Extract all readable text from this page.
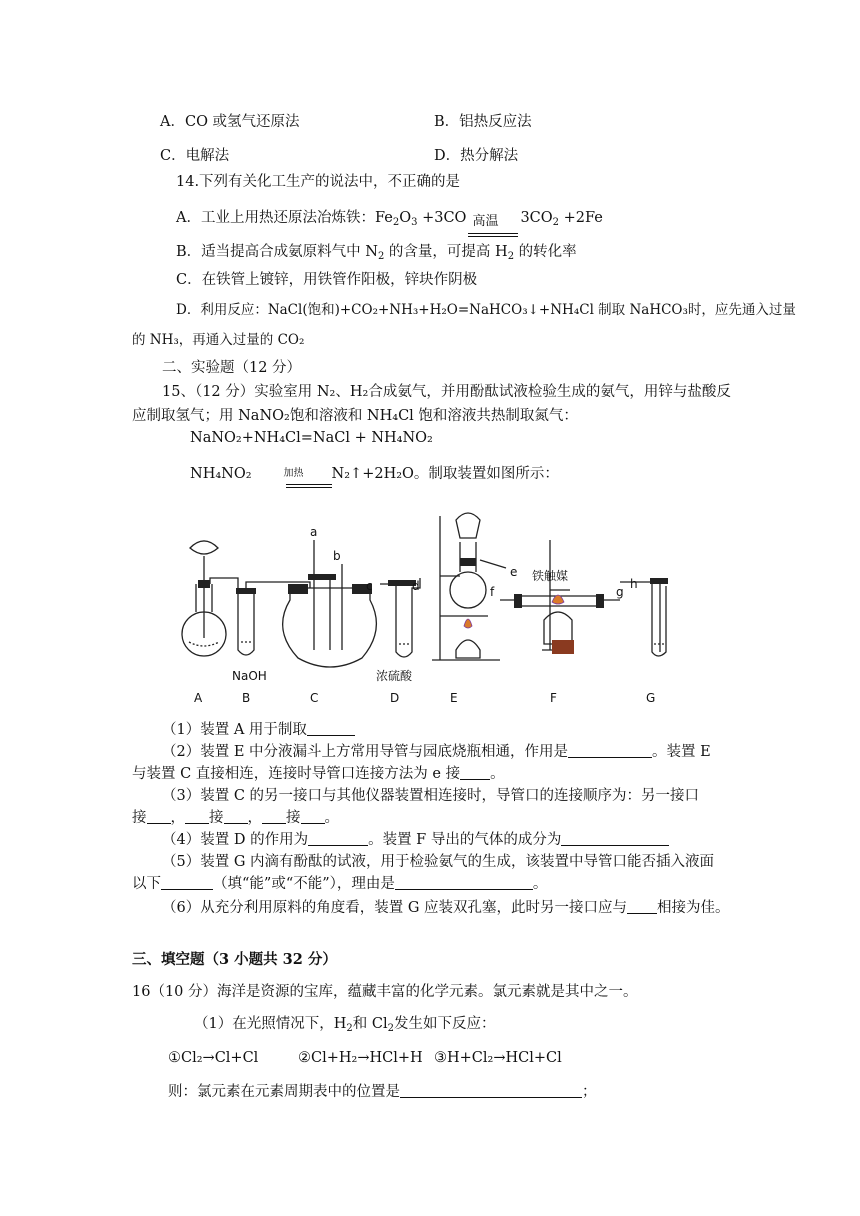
A．CO 或氢气还原法	B．铝热反应法
C．电解法	D．热分解法
14.下列有关化工生产的说法中，不正确的是
A．工业上用热还原法冶炼铁：$Fe_2O_3 +3CO$ 高温 $3CO_2 +2Fe$
B．适当提高合成氨原料气中 $N_2$ 的含量，可提高 $H_2$ 的转化率
C．在铁管上镀锌，用铁管作阳极，锌块作阴极
D．利用反应：NaCl(饱和)+CO₂+NH₃+H₂O=NaHCO₃↓+NH₄Cl 制取 NaHCO₃时，应先通入过量
的 NH₃，再通入过量的 CO₂
二、实验题（12 分）
15、（12 分）实验室用 N₂、H₂合成氨气，并用酚酞试液检验生成的氨气，用锌与盐酸反
应制取氢气；用 NaNO₂饱和溶液和 NH₄Cl 饱和溶液共热制取氮气：
NaNO₂+NH₄Cl=NaCl + NH₄NO₂
NH₄NO₂	加热 N₂↑+2H₂O。制取装置如图所示：
a
b
c	d
e
f	g
h
NaOH	浓硫酸
铁触媒
A	B	C	D	E	F	G
（1）装置 A 用于制取
（2）装置 E 中分液漏斗上方常用导管与园底烧瓶相通，作用是	。装置 E
与装置 C 直接相连，连接时导管口连接方法为 e 接 。
（3）装置 C 的另一接口与其他仪器装置相连接时，导管口的连接顺序为：另一接口
接 ， 接 ， 接 。
（4）装置 D 的作用为	。装置 F 导出的气体的成分为
（5）装置 G 内滴有酚酞的试液，用于检验氨气的生成，该装置中导管口能否插入液面
以下	（填“能”或“不能”），理由是	。
（6）从充分利用原料的角度看，装置 G 应装双孔塞，此时另一接口应与 相接为佳。
三、填空题（3 小题共 32 分）
16（10 分）海洋是资源的宝库，蕴藏丰富的化学元素。氯元素就是其中之一。
（1）在光照情况下，$H_2$和 $Cl_2$发生如下反应：
①Cl₂→Cl+Cl	②Cl+H₂→HCl+H ③H+Cl₂→HCl+Cl
则：氯元素在元素周期表中的位置是	；
